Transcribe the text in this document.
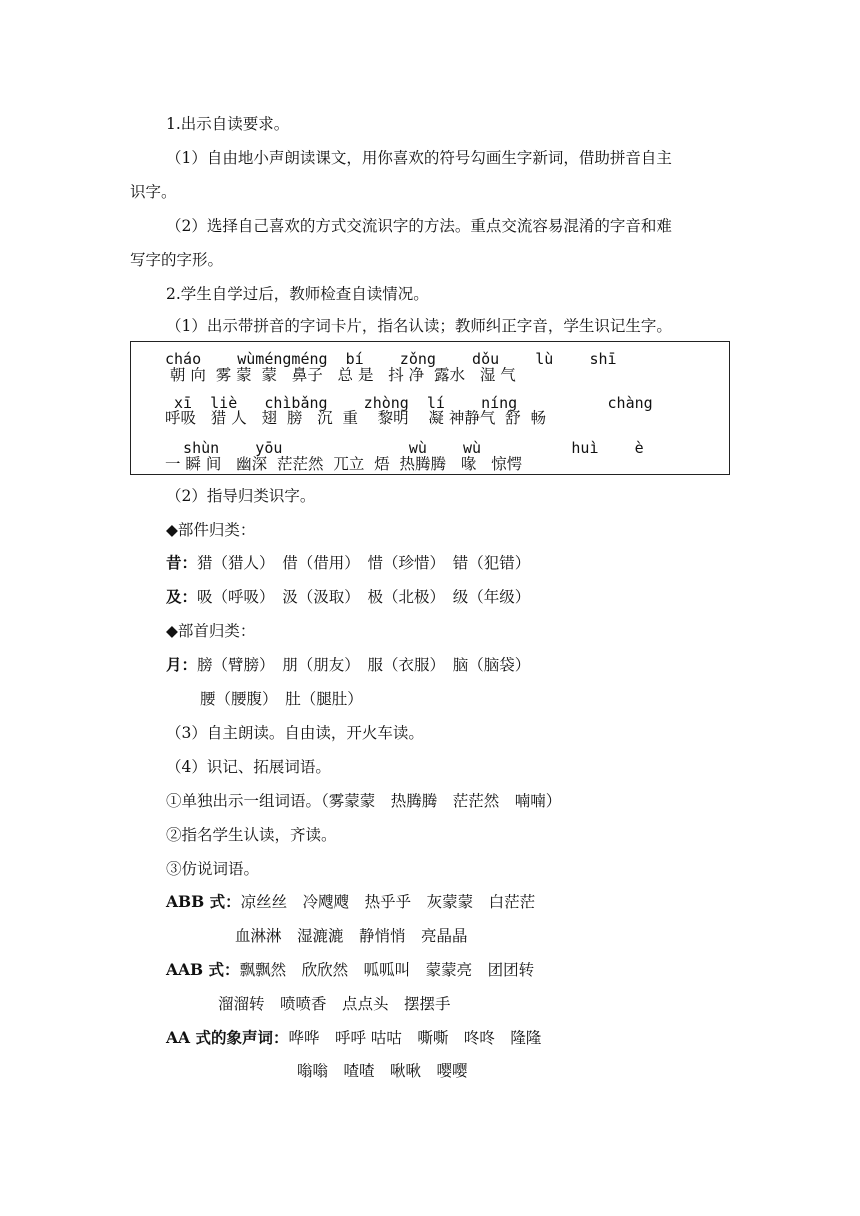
1.出示自读要求。
（1）自由地小声朗读课文，用你喜欢的符号勾画生字新词，借助拼音自主
识字。
（2）选择自己喜欢的方式交流识字的方法。重点交流容易混淆的字音和难
写字的字形。
2.学生自学过后，教师检查自读情况。
（1）出示带拼音的字词卡片，指名认读；教师纠正字音，学生识记生字。
cháo    wùméngméng  bí    zǒng    dǒu    lù    shī
朝 向  雾 蒙  蒙   鼻子   总 是   抖 净  露水   湿 气
xī  liè   chìbǎng    zhòng  lí    níng          chàng
呼吸   猎 人   翅  膀   沉  重    黎明    凝 神静气  舒  畅
shùn    yōu              wù    wù          huì    è
一 瞬 间   幽深  茫茫然  兀立  焐  热腾腾   喙   惊愕
（2）指导归类识字。
◆部件归类：
昔：猎（猎人）　借（借用）　惜（珍惜）　错（犯错）
及：吸（呼吸）　汲（汲取）　极（北极）　级（年级）
◆部首归类：
月：膀（臂膀）　朋（朋友）　服（衣服）　脑（脑袋）
腰（腰腹）　肚（腿肚）
（3）自主朗读。自由读，开火车读。
（4）识记、拓展词语。
①单独出示一组词语。（雾蒙蒙　热腾腾　茫茫然　喃喃）
②指名学生认读，齐读。
③仿说词语。
ABB 式：凉丝丝　冷飕飕　热乎乎　灰蒙蒙　白茫茫
血淋淋　湿漉漉　静悄悄　亮晶晶
AAB 式：飘飘然　欣欣然　呱呱叫　蒙蒙亮　团团转
溜溜转　喷喷香　点点头　摆摆手
AA 式的象声词：哗哗　呼呼 咕咕　嘶嘶　咚咚　隆隆
嗡嗡　喳喳　啾啾　嘤嘤
